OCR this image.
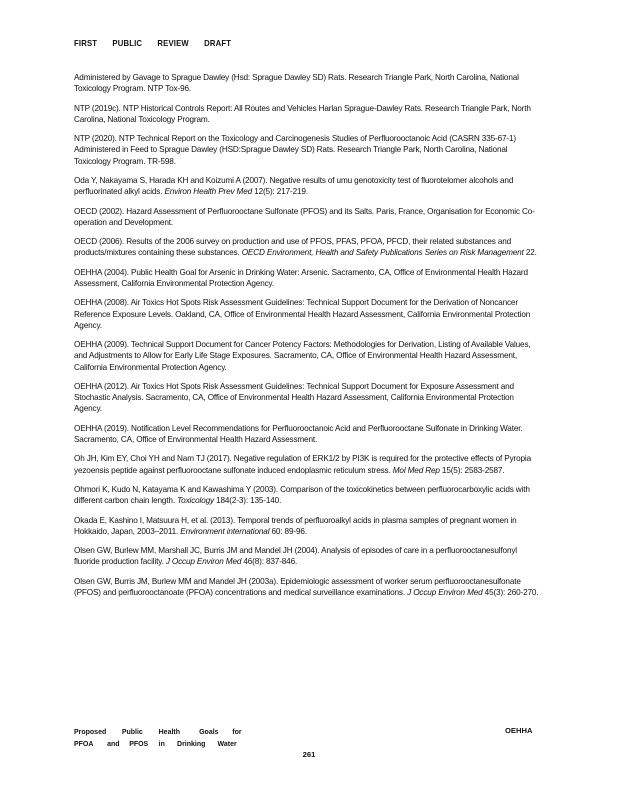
FIRST PUBLIC REVIEW DRAFT

Administered by Gavage to Sprague Dawley (Hsd: Sprague Dawley SD) Rats. Research Triangle Park, North Carolina, National Toxicology Program. NTP Tox-96.

NTP (2019c). NTP Historical Controls Report: All Routes and Vehicles Harlan Sprague-Dawley Rats. Research Triangle Park, North Carolina, National Toxicology Program.

NTP (2020). NTP Technical Report on the Toxicology and Carcinogenesis Studies of Perfluorooctanoic Acid (CASRN 335-67-1) Administered in Feed to Sprague Dawley (HSD:Sprague Dawley SD) Rats. Research Triangle Park, North Carolina, National Toxicology Program. TR-598.

Oda Y, Nakayama S, Harada KH and Koizumi A (2007). Negative results of umu genotoxicity test of fluorotelomer alcohols and perfluorinated alkyl acids. Environ Health Prev Med 12(5): 217-219.

OECD (2002). Hazard Assessment of Perfluorooctane Sulfonate (PFOS) and its Salts. Paris, France, Organisation for Economic Co-operation and Development.

OECD (2006). Results of the 2006 survey on production and use of PFOS, PFAS, PFOA, PFCD, their related substances and products/mixtures containing these substances. OECD Environment, Health and Safety Publications Series on Risk Management 22.

OEHHA (2004). Public Health Goal for Arsenic in Drinking Water: Arsenic. Sacramento, CA, Office of Environmental Health Hazard Assessment, California Environmental Protection Agency.

OEHHA (2008). Air Toxics Hot Spots Risk Assessment Guidelines: Technical Support Document for the Derivation of Noncancer Reference Exposure Levels. Oakland, CA, Office of Environmental Health Hazard Assessment, California Environmental Protection Agency.

OEHHA (2009). Technical Support Document for Cancer Potency Factors: Methodologies for Derivation, Listing of Available Values, and Adjustments to Allow for Early Life Stage Exposures. Sacramento, CA, Office of Environmental Health Hazard Assessment, California Environmental Protection Agency.

OEHHA (2012). Air Toxics Hot Spots Risk Assessment Guidelines: Technical Support Document for Exposure Assessment and Stochastic Analysis. Sacramento, CA, Office of Environmental Health Hazard Assessment, California Environmental Protection Agency.

OEHHA (2019). Notification Level Recommendations for Perfluorooctanoic Acid and Perfluorooctane Sulfonate in Drinking Water. Sacramento, CA, Office of Environmental Health Hazard Assessment.

Oh JH, Kim EY, Choi YH and Nam TJ (2017). Negative regulation of ERK1/2 by PI3K is required for the protective effects of Pyropia yezoensis peptide against perfluorooctane sulfonate induced endoplasmic reticulum stress. Mol Med Rep 15(5): 2583-2587.

Ohmori K, Kudo N, Katayama K and Kawashima Y (2003). Comparison of the toxicokinetics between perfluorocarboxylic acids with different carbon chain length. Toxicology 184(2-3): 135-140.

Okada E, Kashino I, Matsuura H, et al. (2013). Temporal trends of perfluoroalkyl acids in plasma samples of pregnant women in Hokkaido, Japan, 2003–2011. Environment international 60: 89-96.

Olsen GW, Burlew MM, Marshall JC, Burris JM and Mandel JH (2004). Analysis of episodes of care in a perfluorooctanesulfonyl fluoride production facility. J Occup Environ Med 46(8): 837-846.

Olsen GW, Burris JM, Burlew MM and Mandel JH (2003a). Epidemiologic assessment of worker serum perfluorooctanesulfonate (PFOS) and perfluorooctanoate (PFOA) concentrations and medical surveillance examinations. J Occup Environ Med 45(3): 260-270.

Proposed Public Health	Goals for
PFOA and PFOS in Drinking Water
OEHHA
261
